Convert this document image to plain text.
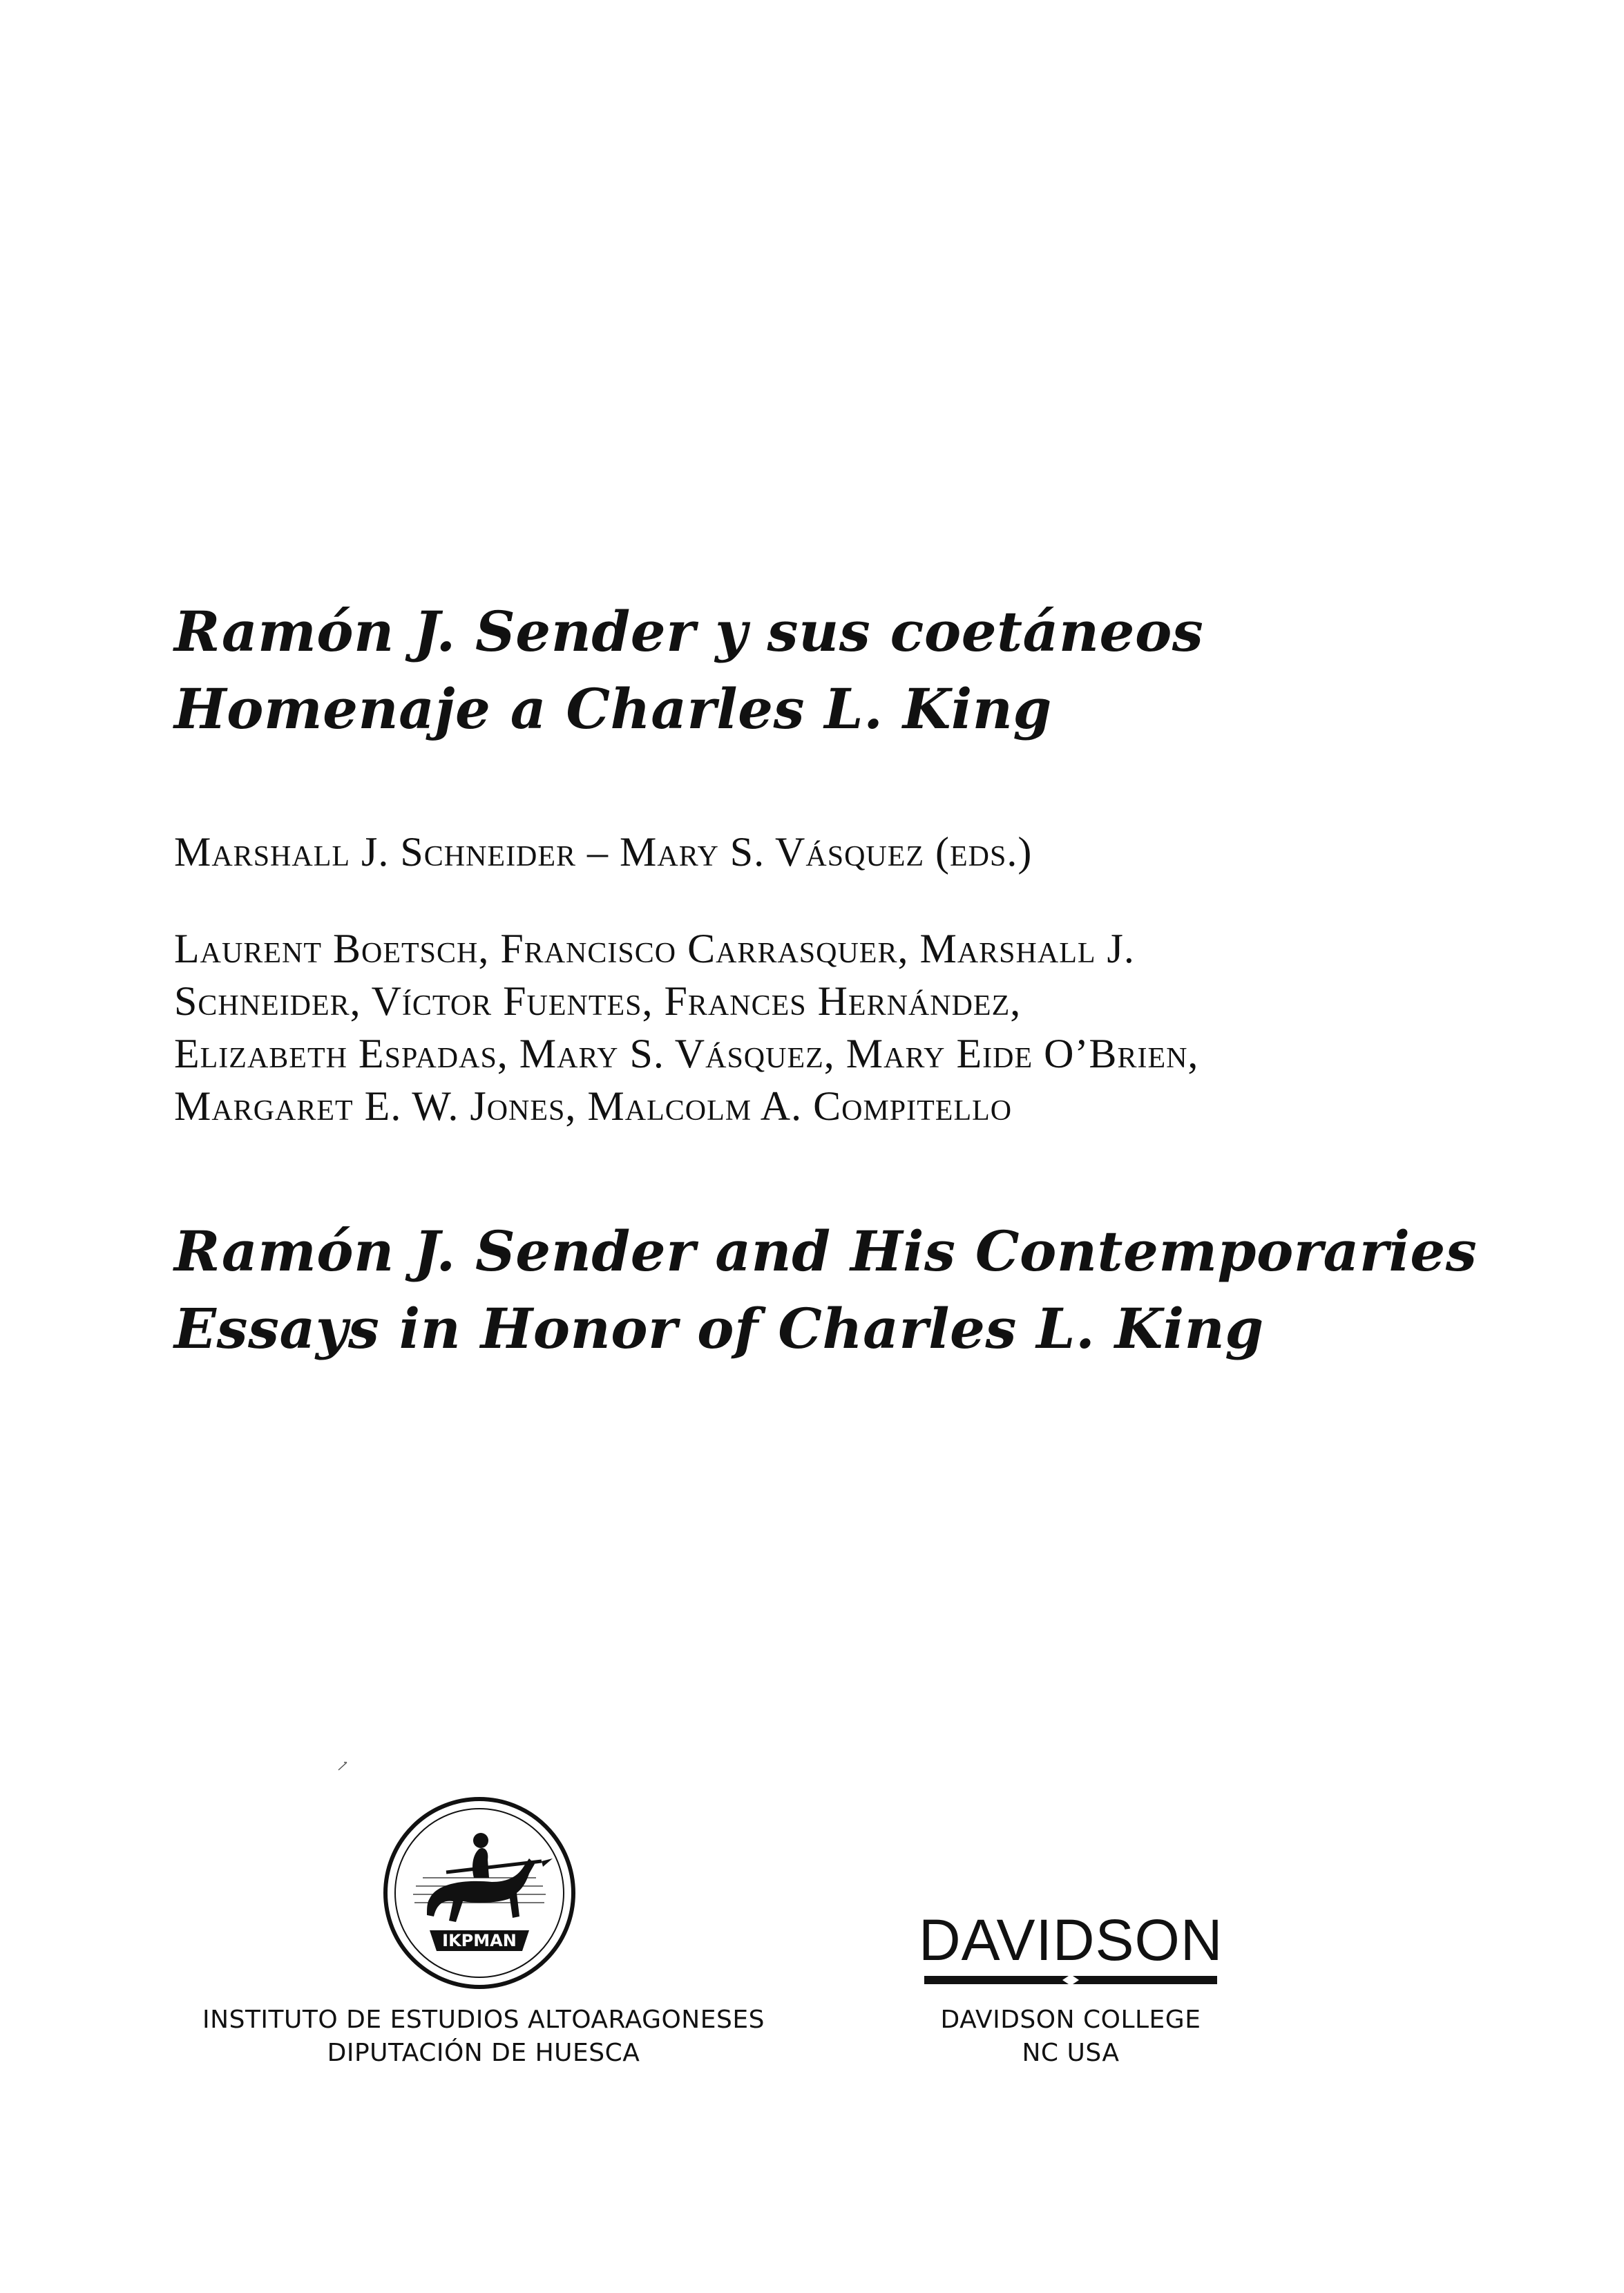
Ramón J. Sender y sus coetáneos
Homenaje a Charles L. King
Marshall J. Schneider – Mary S. Vásquez (eds.)
Laurent Boetsch, Francisco Carrasquer, Marshall J.
Schneider, Víctor Fuentes, Frances Hernández,
Elizabeth Espadas, Mary S. Vásquez, Mary Eide O’Brien,
Margaret E. W. Jones, Malcolm A. Compitello
Ramón J. Sender and His Contemporaries
Essays in Honor of Charles L. King
IKPMAN
INSTITUTO DE ESTUDIOS ALTOARAGONESES
DIPUTACIÓN DE HUESCA
DAVIDSON
DAVIDSON COLLEGE
NC USA
